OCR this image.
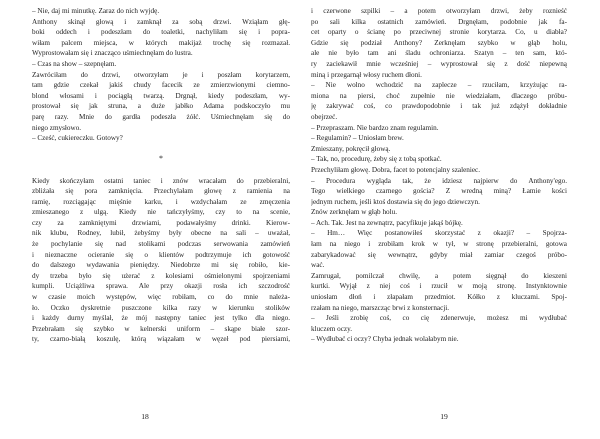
– Nie, daj mi minutkę. Zaraz do nich wyjdę.
Anthony skinął głową i zamknął za sobą drzwi. Wziąłam głę-
boki oddech i podeszłam do toaletki, nachyliłam się i popra-
wiłam palcem miejsca, w których makijaż trochę się rozmazał.
Wyprostowałam się i znacząco uśmiechnęłam do lustra.
– Czas na show – szepnęłam.
Zawróciłam do drzwi, otworzyłam je i poszłam korytarzem,
tam gdzie czekał jakiś chudy facecik ze zmierzwionymi ciemno-
blond włosami i pociągłą twarzą. Drgnął, kiedy podeszłam, wy-
prostował się jak struna, a duże jabłko Adama podskoczyło mu
parę razy. Mnie do gardła podeszła żółć. Uśmiechnęłam się do
niego zmysłowo.
– Cześć, cukiereczku. Gotowy?
*
Kiedy skończyłam ostatni taniec i znów wracałam do przebieralni,
zbliżała się pora zamknięcia. Przechylałam głowę z ramienia na
ramię, rozciągając mięśnie karku, i wzdychałam ze zmęczenia
zmieszanego z ulgą. Kiedy nie tańczyłyśmy, czy to na scenie,
czy za zamkniętymi drzwiami, podawałyśmy drinki. Kierow-
nik klubu, Rodney, lubił, żebyśmy były obecne na sali – uważał,
że pochylanie się nad stolikami podczas serwowania zamówień
i nieznaczne ocieranie się o klientów podtrzymuje ich gotowość
do dalszego wydawania pieniędzy. Niedobrze mi się robiło, kie-
dy trzeba było się użerać z kolesiami ośmielonymi spojrzeniami
kumpli. Uciążliwa sprawa. Ale przy okazji rosła ich szczodrość
w czasie moich występów, więc robiłam, co do mnie należa-
ło. Oczko dyskretnie puszczone kilka razy w kierunku stolików
i każdy durny myślał, że mój następny taniec jest tylko dla niego.
Przebrałam się szybko w kelnerski uniform – skąpe białe szor-
ty, czarno-białą koszulę, którą wiązałam w węzeł pod piersiami,
i czerwone szpilki – a potem otworzyłam drzwi, żeby roznieść
po sali kilka ostatnich zamówień. Drgnęłam, podobnie jak fa-
cet oparty o ścianę po przeciwnej stronie korytarza. Co, u diabła?
Gdzie się podział Anthony? Zerknęłam szybko w głąb holu,
ale nie było tam ani śladu ochroniarza. Szatyn – ten sam, któ-
ry zaciekawił mnie wcześniej – wyprostował się z dość niepewną
miną i przegarnął włosy ruchem dłoni.
– Nie wolno wchodzić na zaplecze – rzuciłam, krzyżując ra-
miona na piersi, choć zupełnie nie wiedziałam, dlaczego próbu-
ję zakrywać coś, co prawdopodobnie i tak już zdążył dokładnie
obejrzeć.
– Przepraszam. Nie bardzo znam regulamin.
– Regulamin? – Uniosłam brew.
Zmieszany, pokręcił głową.
– Tak, no, procedurę, żeby się z tobą spotkać.
Przechyliłam głowę. Dobra, facet to potencjalny szaleniec.
– Procedura wygląda tak, że idziesz najpierw do Anthony'ego.
Tego wielkiego czarnego gościa? Z wredną miną? Łamie kości
jednym ruchem, jeśli ktoś dostawia się do jego dziewczyn.
Znów zerknęłam w głąb holu.
– Ach. Tak. Jest na zewnątrz, pacyfikuje jakąś bójkę.
– Hm… Więc postanowiłeś skorzystać z okazji? – Spojrza-
łam na niego i zrobiłam krok w tył, w stronę przebieralni, gotowa
zabarykadować się wewnątrz, gdyby miał zamiar czegoś próbo-
wać.
Zamrugał, pomilczał chwilę, a potem sięgnął do kieszeni
kurtki. Wyjął z niej coś i rzucił w moją stronę. Instynktownie
uniosłam dłoń i złapałam przedmiot. Kółko z kluczami. Spoj-
rzałam na niego, marszcząc brwi z konsternacji.
– Jeśli zrobię coś, co cię zdenerwuje, możesz mi wydłubać
kluczem oczy.
– Wydłubać ci oczy? Chyba jednak wolałabym nie.
18	19
